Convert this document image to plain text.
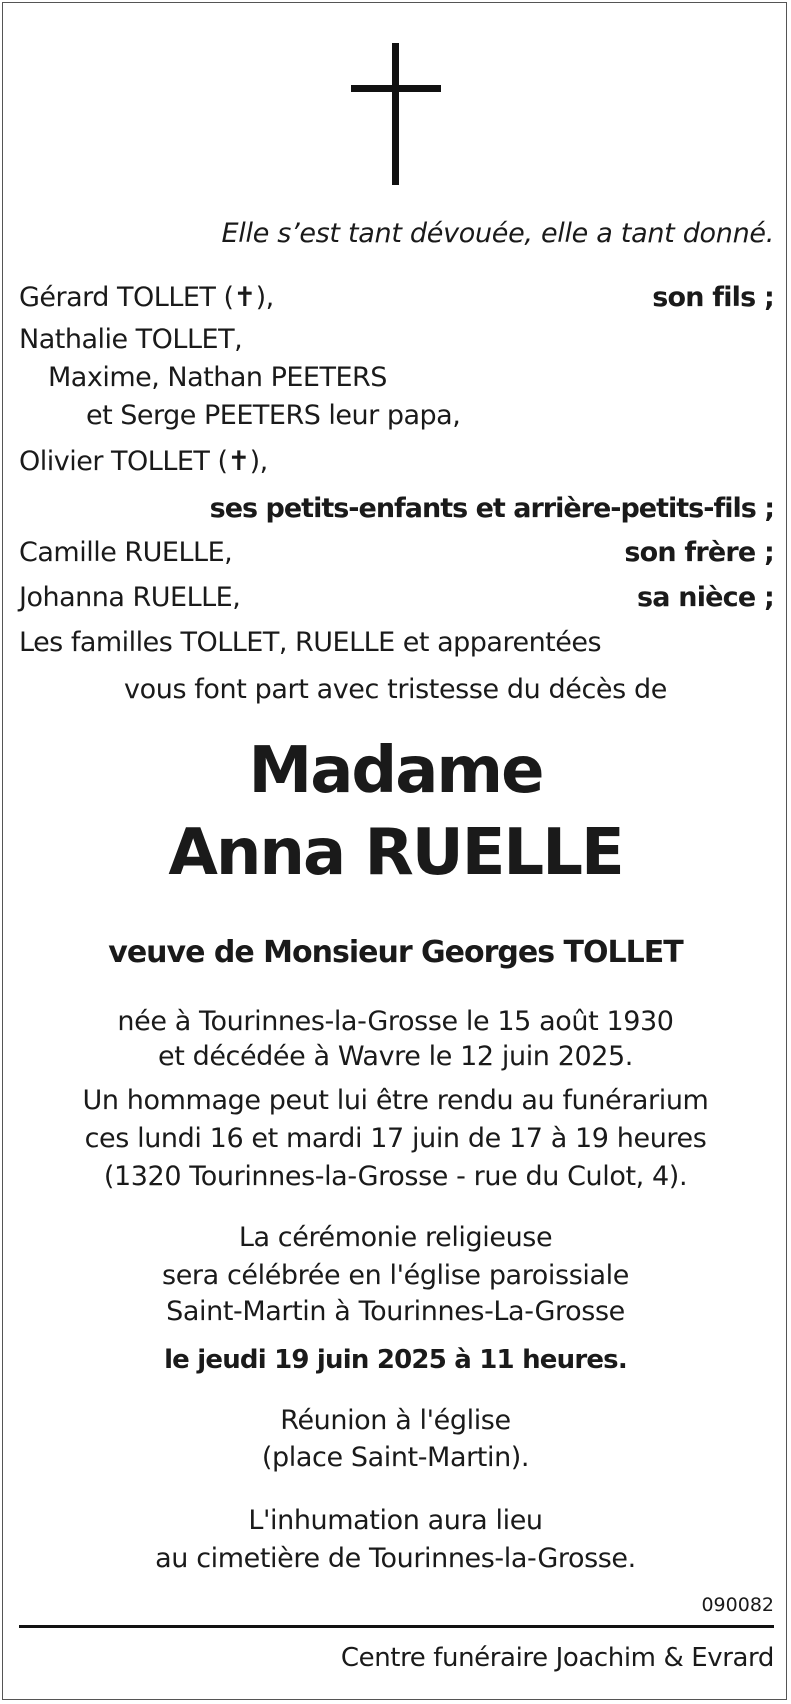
Elle s’est tant dévouée, elle a tant donné.
Gérard TOLLET (✝),	son fils ;
Nathalie TOLLET,
Maxime, Nathan PEETERS
et Serge PEETERS leur papa,
Olivier TOLLET (✝),
ses petits-enfants et arrière-petits-fils ;
Camille RUELLE,	son frère ;
Johanna RUELLE,	sa nièce ;
Les familles TOLLET, RUELLE et apparentées
vous font part avec tristesse du décès de
Madame
Anna RUELLE
veuve de Monsieur Georges TOLLET
née à Tourinnes-la-Grosse le 15 août 1930
et décédée à Wavre le 12 juin 2025.
Un hommage peut lui être rendu au funérarium
ces lundi 16 et mardi 17 juin de 17 à 19 heures
(1320 Tourinnes-la-Grosse - rue du Culot, 4).
La cérémonie religieuse
sera célébrée en l'église paroissiale
Saint-Martin à Tourinnes-La-Grosse
le jeudi 19 juin 2025 à 11 heures.
Réunion à l'église
(place Saint-Martin).
L'inhumation aura lieu
au cimetière de Tourinnes-la-Grosse.
090082
Centre funéraire Joachim & Evrard
